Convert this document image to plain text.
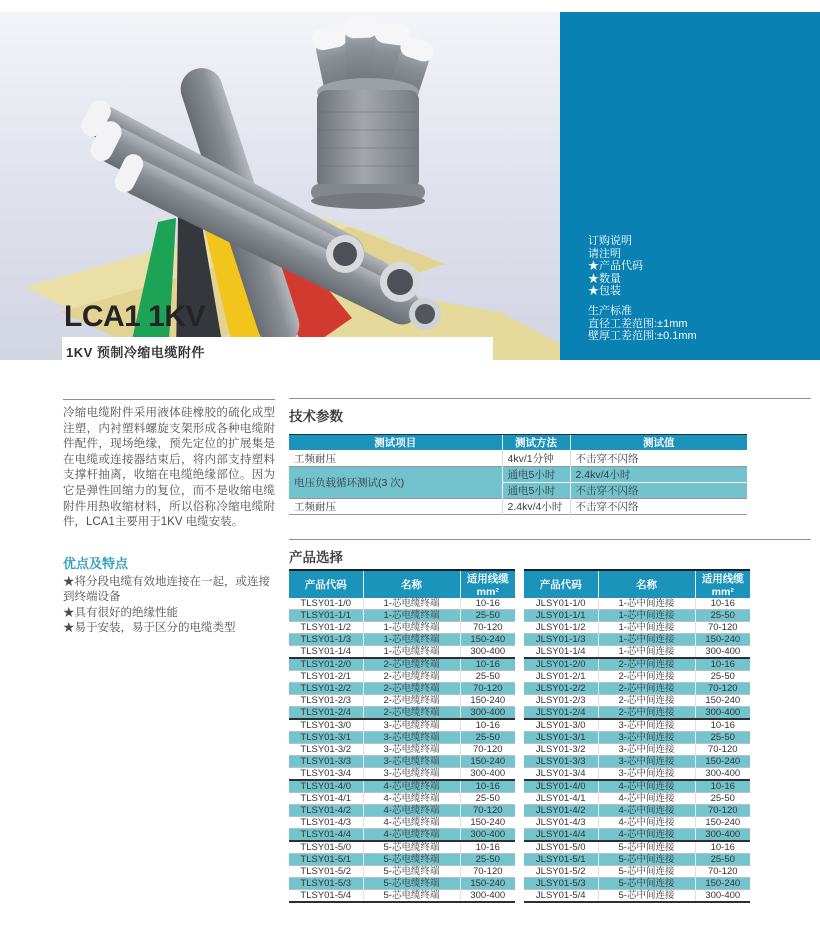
订购说明
请注明
★产品代码
★数量
★包装
生产标准
直径工差范围:±1mm
壁厚工差范围:±0.1mm
LCA1 1KV
1KV 预制冷缩电缆附件

冷缩电缆附件采用液体硅橡胶的硫化成型注塑，内衬塑料螺旋支架形成各种电缆附件配件，现场绝缘，预先定位的扩展集是在电缆或连接器结束后，将内部支持塑料支撑杆抽离，收缩在电缆绝缘部位。因为它是弹性回缩力的复位，而不是收缩电缆附件用热收缩材料，所以俗称冷缩电缆附件，LCA1主要用于1KV 电缆安装。

优点及特点
★将分段电缆有效地连接在一起，或连接到终端设备
★具有很好的绝缘性能
★易于安装，易于区分的电缆类型
技术参数
测试项目	测试方法	测试值
工频耐压	4kv/1分钟	不击穿不闪络
电压负载循环测试(3 次)	通电5小时	2.4kv/4小时
	通电5小时	不击穿不闪络
工频耐压	2.4kv/4小时	不击穿不闪络
产品选择
产品代码	名称	适用线缆 mm²
TLSY01-1/0	1-芯电缆终端	10-16
TLSY01-1/1	1-芯电缆终端	25-50
TLSY01-1/2	1-芯电缆终端	70-120
TLSY01-1/3	1-芯电缆终端	150-240
TLSY01-1/4	1-芯电缆终端	300-400
TLSY01-2/0	2-芯电缆终端	10-16
TLSY01-2/1	2-芯电缆终端	25-50
TLSY01-2/2	2-芯电缆终端	70-120
TLSY01-2/3	2-芯电缆终端	150-240
TLSY01-2/4	2-芯电缆终端	300-400
TLSY01-3/0	3-芯电缆终端	10-16
TLSY01-3/1	3-芯电缆终端	25-50
TLSY01-3/2	3-芯电缆终端	70-120
TLSY01-3/3	3-芯电缆终端	150-240
TLSY01-3/4	3-芯电缆终端	300-400
TLSY01-4/0	4-芯电缆终端	10-16
TLSY01-4/1	4-芯电缆终端	25-50
TLSY01-4/2	4-芯电缆终端	70-120
TLSY01-4/3	4-芯电缆终端	150-240
TLSY01-4/4	4-芯电缆终端	300-400
TLSY01-5/0	5-芯电缆终端	10-16
TLSY01-5/1	5-芯电缆终端	25-50
TLSY01-5/2	5-芯电缆终端	70-120
TLSY01-5/3	5-芯电缆终端	150-240
TLSY01-5/4	5-芯电缆终端	300-400
产品代码	名称	适用线缆 mm²
JLSY01-1/0	1-芯中间连接	10-16
JLSY01-1/1	1-芯中间连接	25-50
JLSY01-1/2	1-芯中间连接	70-120
JLSY01-1/3	1-芯中间连接	150-240
JLSY01-1/4	1-芯中间连接	300-400
JLSY01-2/0	2-芯中间连接	10-16
JLSY01-2/1	2-芯中间连接	25-50
JLSY01-2/2	2-芯中间连接	70-120
JLSY01-2/3	2-芯中间连接	150-240
JLSY01-2/4	2-芯中间连接	300-400
JLSY01-3/0	3-芯中间连接	10-16
JLSY01-3/1	3-芯中间连接	25-50
JLSY01-3/2	3-芯中间连接	70-120
JLSY01-3/3	3-芯中间连接	150-240
JLSY01-3/4	3-芯中间连接	300-400
JLSY01-4/0	4-芯中间连接	10-16
JLSY01-4/1	4-芯中间连接	25-50
JLSY01-4/2	4-芯中间连接	70-120
JLSY01-4/3	4-芯中间连接	150-240
JLSY01-4/4	4-芯中间连接	300-400
JLSY01-5/0	5-芯中间连接	10-16
JLSY01-5/1	5-芯中间连接	25-50
JLSY01-5/2	5-芯中间连接	70-120
JLSY01-5/3	5-芯中间连接	150-240
JLSY01-5/4	5-芯中间连接	300-400
